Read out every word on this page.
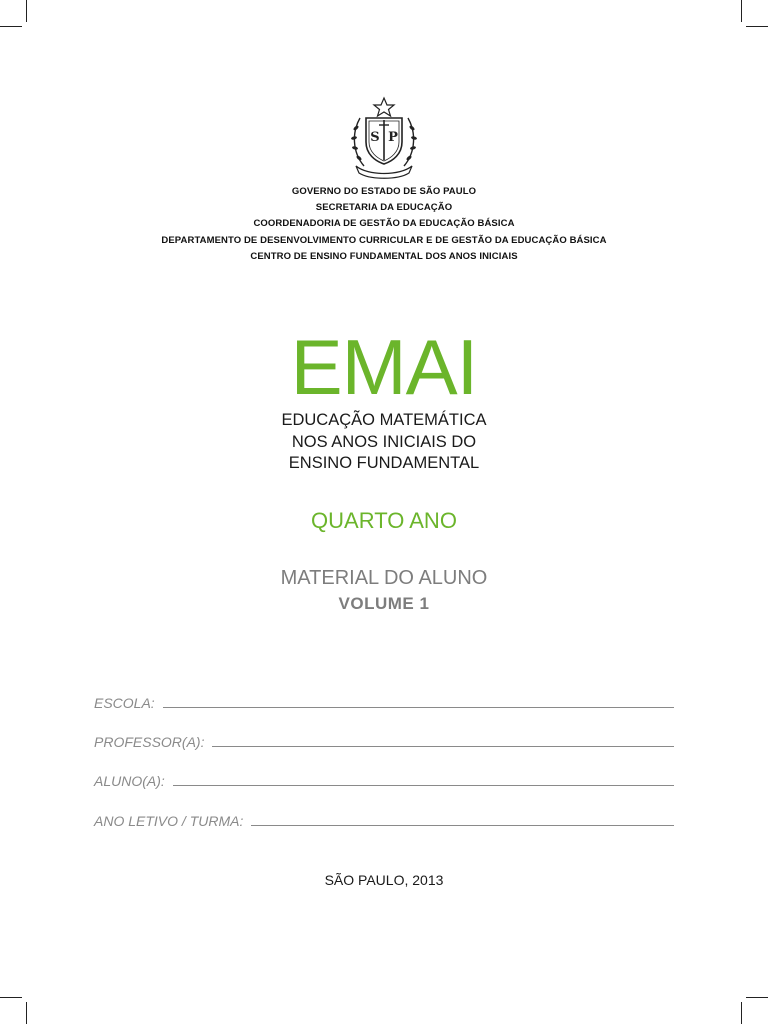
S P
GOVERNO DO ESTADO DE SÃO PAULO
SECRETARIA DA EDUCAÇÃO
COORDENADORIA DE GESTÃO DA EDUCAÇÃO BÁSICA
DEPARTAMENTO DE DESENVOLVIMENTO CURRICULAR E DE GESTÃO DA EDUCAÇÃO BÁSICA
CENTRO DE ENSINO FUNDAMENTAL DOS ANOS INICIAIS
EMAI
EDUCAÇÃO MATEMÁTICA
NOS ANOS INICIAIS DO
ENSINO FUNDAMENTAL
QUARTO ANO
MATERIAL DO ALUNO
VOLUME 1
ESCOLA:
PROFESSOR(A):
ALUNO(A):
ANO LETIVO / TURMA:
SÃO PAULO, 2013
